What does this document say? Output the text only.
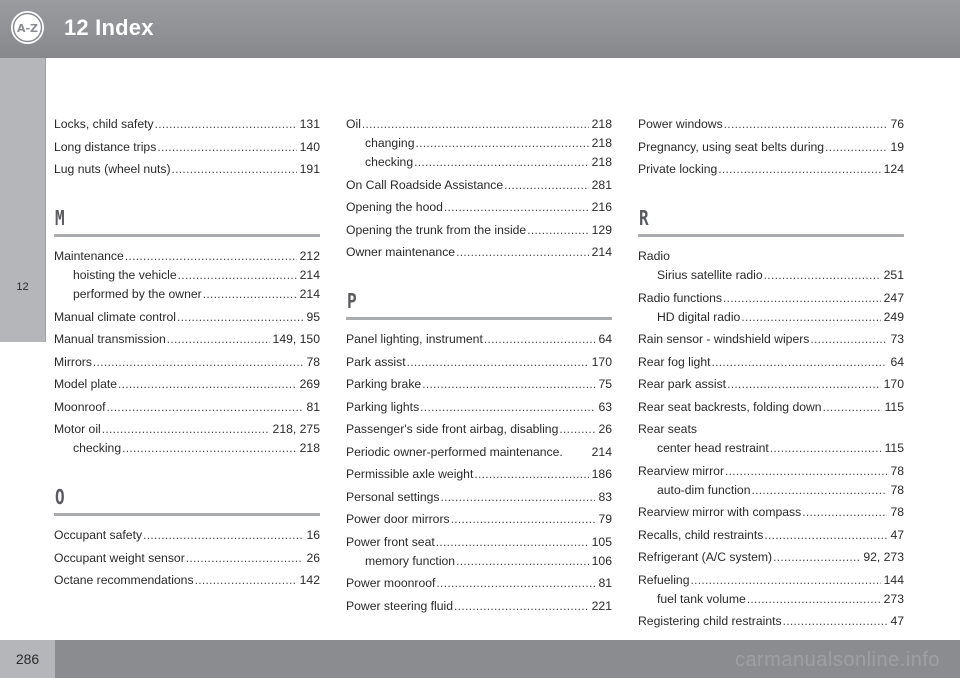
A-Z 12 Index
12
Locks, child safety .....	131
Long distance trips .....	140
Lug nuts (wheel nuts) .....	191
M
Maintenance .....	212
hoisting the vehicle .....	214
performed by the owner .....	214
Manual climate control .....	95
Manual transmission .....	149, 150
Mirrors .....	78
Model plate .....	269
Moonroof .....	81
Motor oil .....	218, 275
checking .....	218
O
Occupant safety .....	16
Occupant weight sensor .....	26
Octane recommendations .....	142
Oil .....	218
changing .....	218
checking .....	218
On Call Roadside Assistance .....	281
Opening the hood .....	216
Opening the trunk from the inside .....	129
Owner maintenance .....	214
P
Panel lighting, instrument .....	64
Park assist .....	170
Parking brake .....	75
Parking lights .....	63
Passenger's side front airbag, disabling .....	26
Periodic owner-performed maintenance.	214
Permissible axle weight .....	186
Personal settings .....	83
Power door mirrors .....	79
Power front seat .....	105
memory function .....	106
Power moonroof .....	81
Power steering fluid .....	221
Power windows .....	76
Pregnancy, using seat belts during .....	19
Private locking .....	124
R
Radio
Sirius satellite radio .....	251
Radio functions .....	247
HD digital radio .....	249
Rain sensor - windshield wipers .....	73
Rear fog light .....	64
Rear park assist .....	170
Rear seat backrests, folding down .....	115
Rear seats
center head restraint .....	115
Rearview mirror .....	78
auto-dim function .....	78
Rearview mirror with compass .....	78
Recalls, child restraints .....	47
Refrigerant (A/C system) .....	92, 273
Refueling .....	144
fuel tank volume .....	273
Registering child restraints .....	47
286	carmanualsonline.info
